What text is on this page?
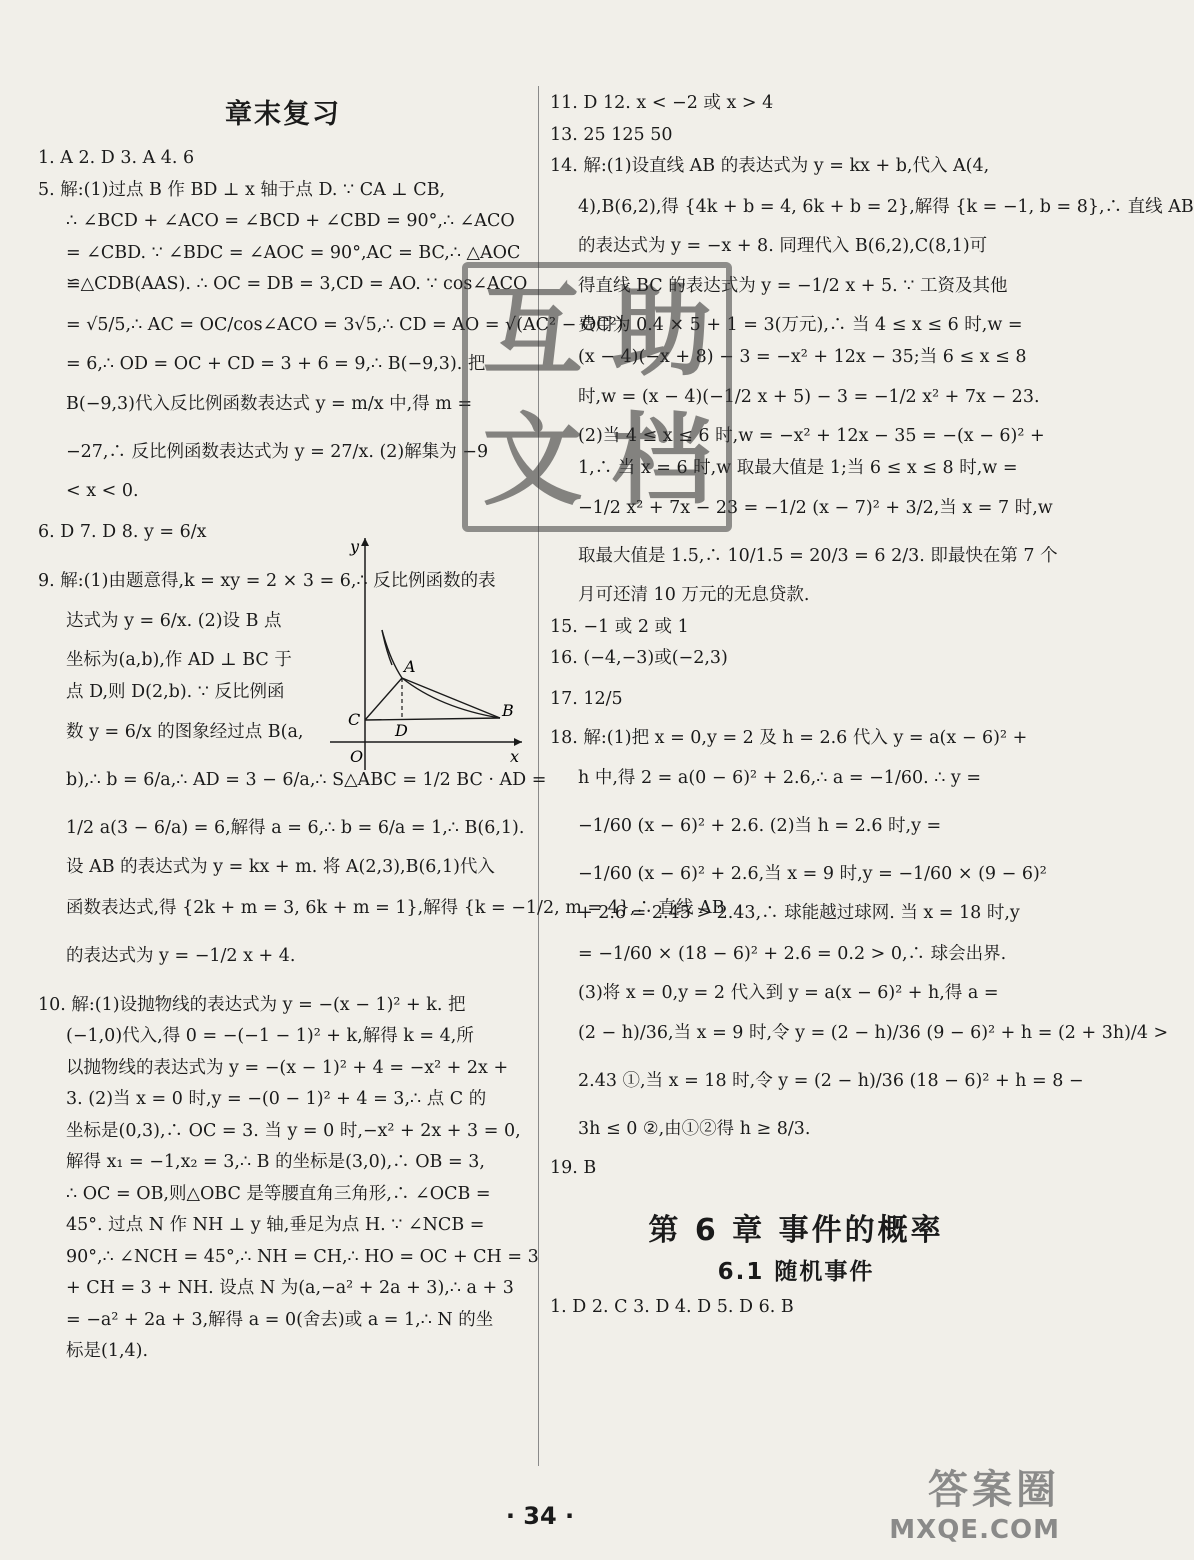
章末复习

1. A 2. D 3. A 4. 6

5. 解:(1)过点 B 作 BD ⊥ x 轴于点 D. ∵ CA ⊥ CB,

∴ ∠BCD + ∠ACO = ∠BCD + ∠CBD = 90°,∴ ∠ACO

= ∠CBD. ∵ ∠BDC = ∠AOC = 90°,AC = BC,∴ △AOC

≌△CDB(AAS). ∴ OC = DB = 3,CD = AO. ∵ cos∠ACO

= √5/5,∴ AC = OC/cos∠ACO = 3√5,∴ CD = AO = √(AC² − OC²)

= 6,∴ OD = OC + CD = 3 + 6 = 9,∴ B(−9,3). 把

B(−9,3)代入反比例函数表达式 y = m/x 中,得 m =

−27,∴ 反比例函数表达式为 y = 27/x. (2)解集为 −9

< x < 0.

6. D 7. D 8. y = 6/x

9. 解:(1)由题意得,k = xy = 2 × 3 = 6,∴ 反比例函数的表

达式为 y = 6/x. (2)设 B 点

坐标为(a,b),作 AD ⊥ BC 于

点 D,则 D(2,b). ∵ 反比例函

数 y = 6/x 的图象经过点 B(a,

b),∴ b = 6/a,∴ AD = 3 − 6/a,∴ S△ABC = 1/2 BC · AD =

1/2 a(3 − 6/a) = 6,解得 a = 6,∴ b = 6/a = 1,∴ B(6,1).

设 AB 的表达式为 y = kx + m. 将 A(2,3),B(6,1)代入

函数表达式,得 {2k + m = 3, 6k + m = 1},解得 {k = −1/2, m = 4},∴ 直线 AB

的表达式为 y = −1/2 x + 4.

10. 解:(1)设抛物线的表达式为 y = −(x − 1)² + k. 把

(−1,0)代入,得 0 = −(−1 − 1)² + k,解得 k = 4,所

以抛物线的表达式为 y = −(x − 1)² + 4 = −x² + 2x +

3. (2)当 x = 0 时,y = −(0 − 1)² + 4 = 3,∴ 点 C 的

坐标是(0,3),∴ OC = 3. 当 y = 0 时,−x² + 2x + 3 = 0,

解得 x₁ = −1,x₂ = 3,∴ B 的坐标是(3,0),∴ OB = 3,

∴ OC = OB,则△OBC 是等腰直角三角形,∴ ∠OCB =

45°. 过点 N 作 NH ⊥ y 轴,垂足为点 H. ∵ ∠NCB =

90°,∴ ∠NCH = 45°,∴ NH = CH,∴ HO = OC + CH = 3

+ CH = 3 + NH. 设点 N 为(a,−a² + 2a + 3),∴ a + 3

= −a² + 2a + 3,解得 a = 0(舍去)或 a = 1,∴ N 的坐

标是(1,4).

y
x
O
A
B
C
D

11. D 12. x < −2 或 x > 4

13. 25 125 50

14. 解:(1)设直线 AB 的表达式为 y = kx + b,代入 A(4,

4),B(6,2),得 {4k + b = 4, 6k + b = 2},解得 {k = −1, b = 8},∴ 直线 AB

的表达式为 y = −x + 8. 同理代入 B(6,2),C(8,1)可

得直线 BC 的表达式为 y = −1/2 x + 5. ∵ 工资及其他

费用为 0.4 × 5 + 1 = 3(万元),∴ 当 4 ≤ x ≤ 6 时,w =

(x − 4)(−x + 8) − 3 = −x² + 12x − 35;当 6 ≤ x ≤ 8

时,w = (x − 4)(−1/2 x + 5) − 3 = −1/2 x² + 7x − 23.

(2)当 4 ≤ x ≤ 6 时,w = −x² + 12x − 35 = −(x − 6)² +

1,∴ 当 x = 6 时,w 取最大值是 1;当 6 ≤ x ≤ 8 时,w =

−1/2 x² + 7x − 23 = −1/2 (x − 7)² + 3/2,当 x = 7 时,w

取最大值是 1.5,∴ 10/1.5 = 20/3 = 6 2/3. 即最快在第 7 个

月可还清 10 万元的无息贷款.

15. −1 或 2 或 1

16. (−4,−3)或(−2,3)

17. 12/5

18. 解:(1)把 x = 0,y = 2 及 h = 2.6 代入 y = a(x − 6)² +

h 中,得 2 = a(0 − 6)² + 2.6,∴ a = −1/60. ∴ y =

−1/60 (x − 6)² + 2.6. (2)当 h = 2.6 时,y =

−1/60 (x − 6)² + 2.6,当 x = 9 时,y = −1/60 × (9 − 6)²

+ 2.6 = 2.45 > 2.43,∴ 球能越过球网. 当 x = 18 时,y

= −1/60 × (18 − 6)² + 2.6 = 0.2 > 0,∴ 球会出界.

(3)将 x = 0,y = 2 代入到 y = a(x − 6)² + h,得 a =

(2 − h)/36,当 x = 9 时,令 y = (2 − h)/36 (9 − 6)² + h = (2 + 3h)/4 >

2.43 ①,当 x = 18 时,令 y = (2 − h)/36 (18 − 6)² + h = 8 −

3h ≤ 0 ②,由①②得 h ≥ 8/3.

19. B

第 6 章 事件的概率
6.1 随机事件

1. D 2. C 3. D 4. D 5. D 6. B

互 助
文 档
· 34 ·
答案圈
MXQE.COM
